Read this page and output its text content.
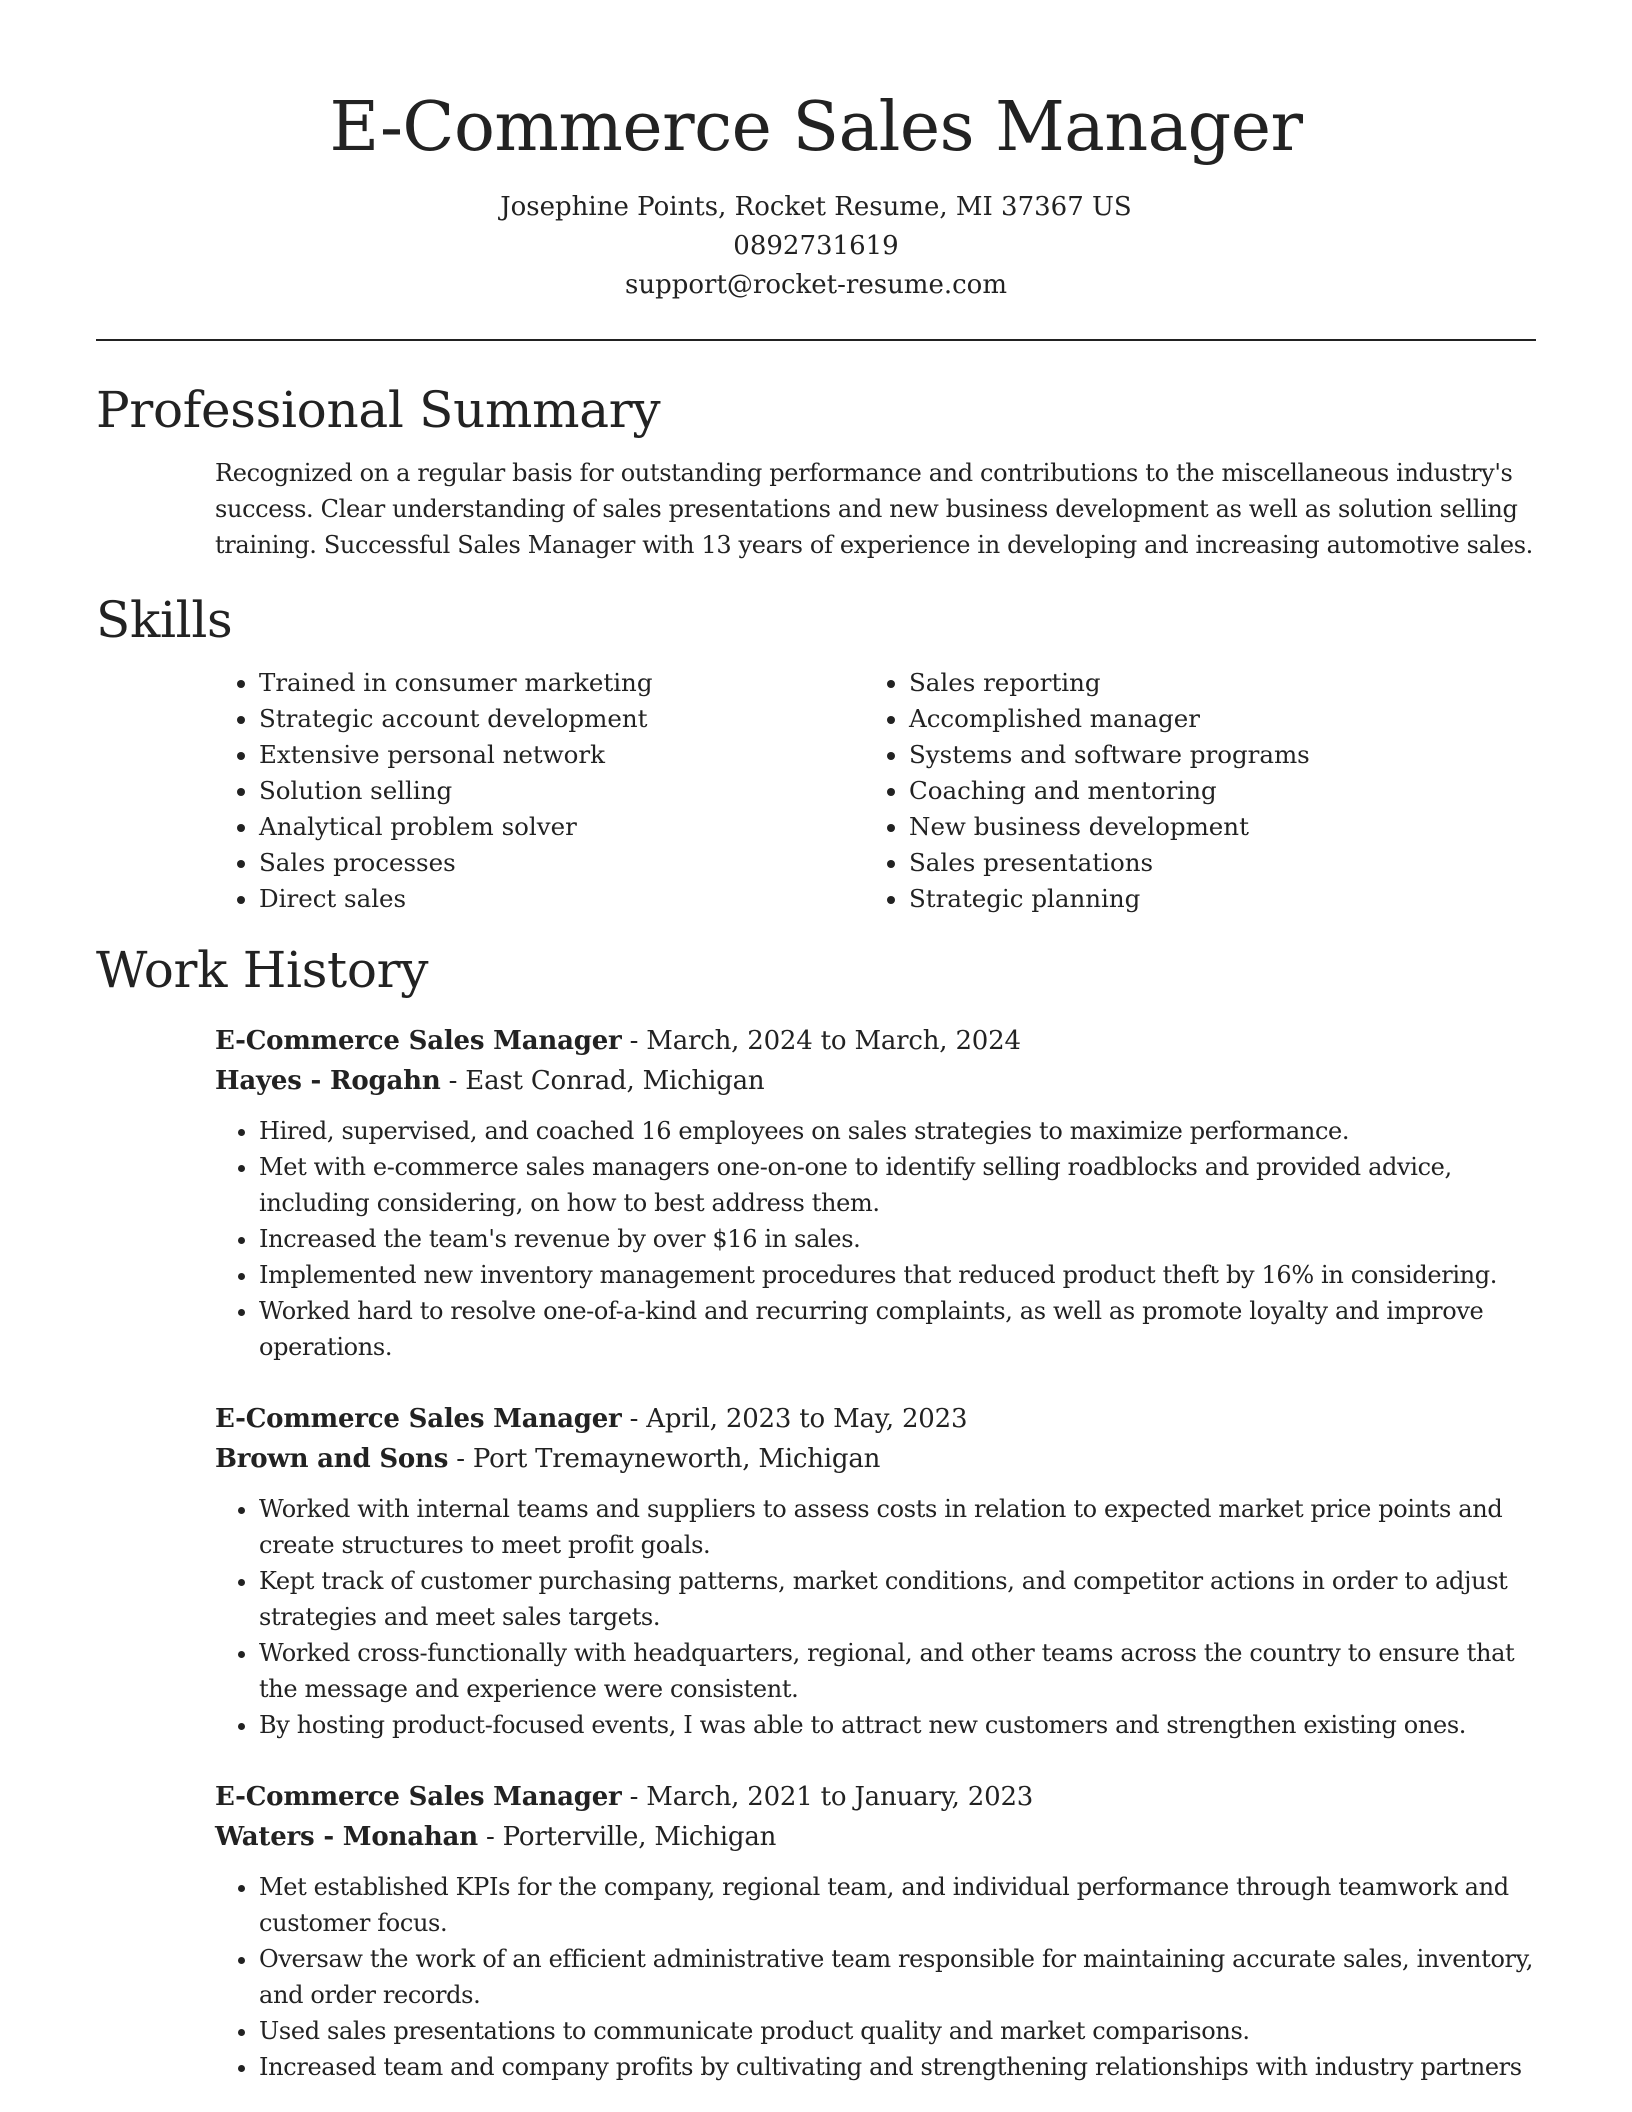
E-Commerce Sales Manager
Josephine Points, Rocket Resume, MI 37367 US
0892731619
support@rocket-resume.com
Professional Summary
Recognized on a regular basis for outstanding performance and contributions to the miscellaneous industry's success. Clear understanding of sales presentations and new business development as well as solution selling training. Successful Sales Manager with 13 years of experience in developing and increasing automotive sales.
Skills
• Trained in consumer marketing
• Strategic account development
• Extensive personal network
• Solution selling
• Analytical problem solver
• Sales processes
• Direct sales
• Sales reporting
• Accomplished manager
• Systems and software programs
• Coaching and mentoring
• New business development
• Sales presentations
• Strategic planning
Work History
E-Commerce Sales Manager - March, 2024 to March, 2024
Hayes - Rogahn - East Conrad, Michigan
• Hired, supervised, and coached 16 employees on sales strategies to maximize performance.
• Met with e-commerce sales managers one-on-one to identify selling roadblocks and provided advice, including considering, on how to best address them.
• Increased the team's revenue by over $16 in sales.
• Implemented new inventory management procedures that reduced product theft by 16% in considering.
• Worked hard to resolve one-of-a-kind and recurring complaints, as well as promote loyalty and improve operations.
E-Commerce Sales Manager - April, 2023 to May, 2023
Brown and Sons - Port Tremayneworth, Michigan
• Worked with internal teams and suppliers to assess costs in relation to expected market price points and create structures to meet profit goals.
• Kept track of customer purchasing patterns, market conditions, and competitor actions in order to adjust strategies and meet sales targets.
• Worked cross-functionally with headquarters, regional, and other teams across the country to ensure that the message and experience were consistent.
• By hosting product-focused events, I was able to attract new customers and strengthen existing ones.
E-Commerce Sales Manager - March, 2021 to January, 2023
Waters - Monahan - Porterville, Michigan
• Met established KPIs for the company, regional team, and individual performance through teamwork and customer focus.
• Oversaw the work of an efficient administrative team responsible for maintaining accurate sales, inventory, and order records.
• Used sales presentations to communicate product quality and market comparisons.
• Increased team and company profits by cultivating and strengthening relationships with industry partners
